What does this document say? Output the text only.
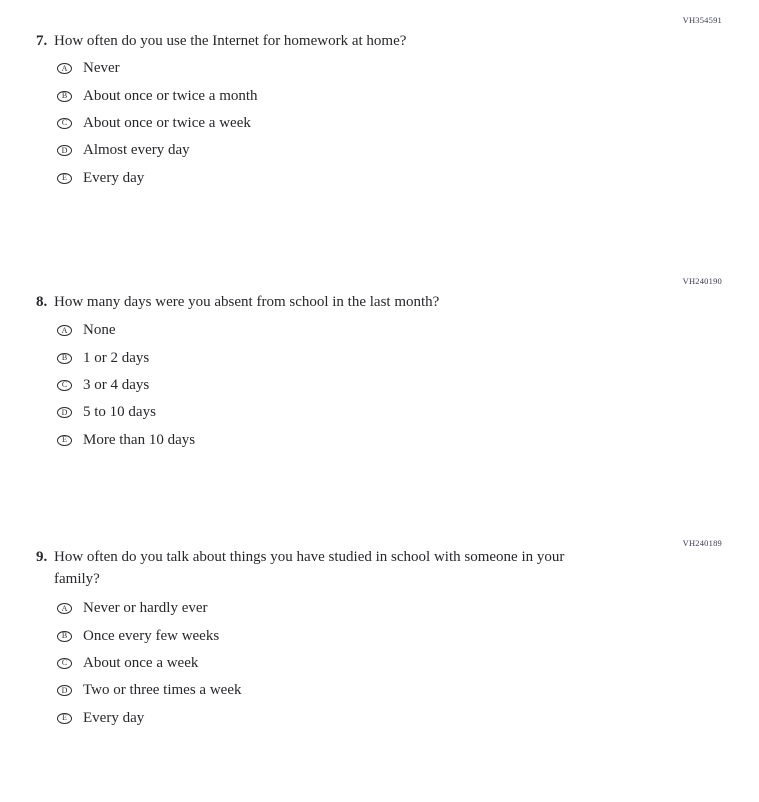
VH354591
7. How often do you use the Internet for homework at home?
A Never
B About once or twice a month
C About once or twice a week
D Almost every day
E Every day
VH240190
8. How many days were you absent from school in the last month?
A None
B 1 or 2 days
C 3 or 4 days
D 5 to 10 days
E More than 10 days
VH240189
9. How often do you talk about things you have studied in school with someone in your family?
A Never or hardly ever
B Once every few weeks
C About once a week
D Two or three times a week
E Every day
